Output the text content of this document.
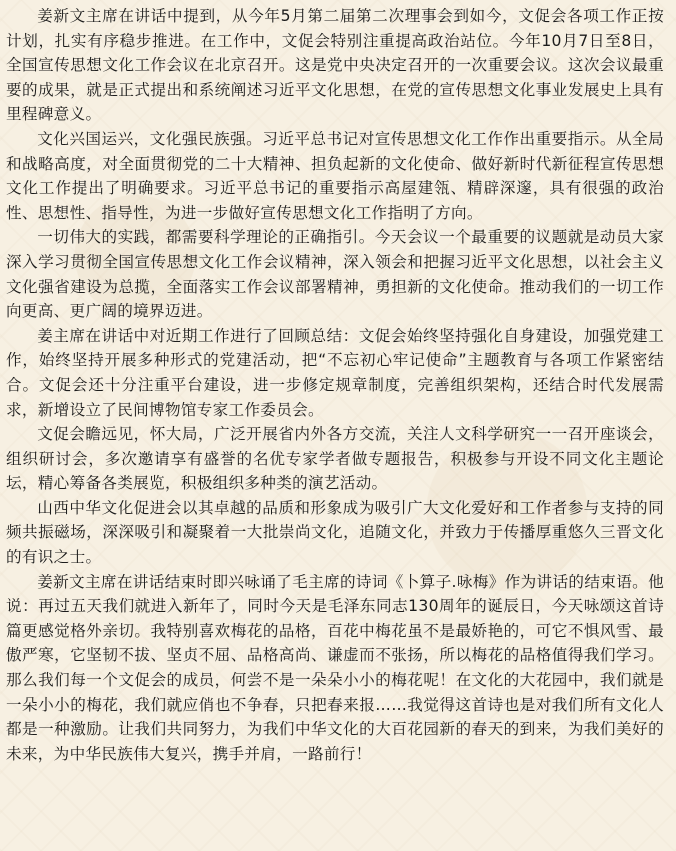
姜新文主席在讲话中提到，从今年5月第二届第二次理事会到如今，文促会各项工作正按计划，扎实有序稳步推进。在工作中，文促会特别注重提高政治站位。今年10月7日至8日，全国宣传思想文化工作会议在北京召开。这是党中央决定召开的一次重要会议。这次会议最重要的成果，就是正式提出和系统阐述习近平文化思想，在党的宣传思想文化事业发展史上具有里程碑意义。

文化兴国运兴，文化强民族强。习近平总书记对宣传思想文化工作作出重要指示。从全局和战略高度，对全面贯彻党的二十大精神、担负起新的文化使命、做好新时代新征程宣传思想文化工作提出了明确要求。习近平总书记的重要指示高屋建瓴、精辟深邃，具有很强的政治性、思想性、指导性，为进一步做好宣传思想文化工作指明了方向。

一切伟大的实践，都需要科学理论的正确指引。今天会议一个最重要的议题就是动员大家深入学习贯彻全国宣传思想文化工作会议精神，深入领会和把握习近平文化思想，以社会主义文化强省建设为总揽，全面落实工作会议部署精神，勇担新的文化使命。推动我们的一切工作向更高、更广阔的境界迈进。

姜主席在讲话中对近期工作进行了回顾总结：文促会始终坚持强化自身建设，加强党建工作，始终坚持开展多种形式的党建活动，把“不忘初心牢记使命”主题教育与各项工作紧密结合。文促会还十分注重平台建设，进一步修定规章制度，完善组织架构，还结合时代发展需求，新增设立了民间博物馆专家工作委员会。

文促会瞻远见，怀大局，广泛开展省内外各方交流，关注人文科学研究一一召开座谈会，组织研讨会，多次邀请享有盛誉的名优专家学者做专题报告，积极参与开设不同文化主题论坛，精心筹备各类展览，积极组织多种类的演艺活动。

山西中华文化促进会以其卓越的品质和形象成为吸引广大文化爱好和工作者参与支持的同频共振磁场，深深吸引和凝聚着一大批崇尚文化，追随文化，并致力于传播厚重悠久三晋文化的有识之士。

姜新文主席在讲话结束时即兴咏诵了毛主席的诗词《卜算子.咏梅》作为讲话的结束语。他说：再过五天我们就进入新年了，同时今天是毛泽东同志130周年的诞辰日，今天咏颂这首诗篇更感觉格外亲切。我特别喜欢梅花的品格，百花中梅花虽不是最娇艳的，可它不惧风雪、最傲严寒，它坚韧不拔、坚贞不屈、品格高尚、谦虚而不张扬，所以梅花的品格值得我们学习。那么我们每一个文促会的成员，何尝不是一朵朵小小的梅花呢！在文化的大花园中，我们就是一朵小小的梅花，我们就应俏也不争春，只把春来报……我觉得这首诗也是对我们所有文化人都是一种激励。让我们共同努力，为我们中华文化的大百花园新的春天的到来，为我们美好的未来，为中华民族伟大复兴，携手并肩，一路前行！
